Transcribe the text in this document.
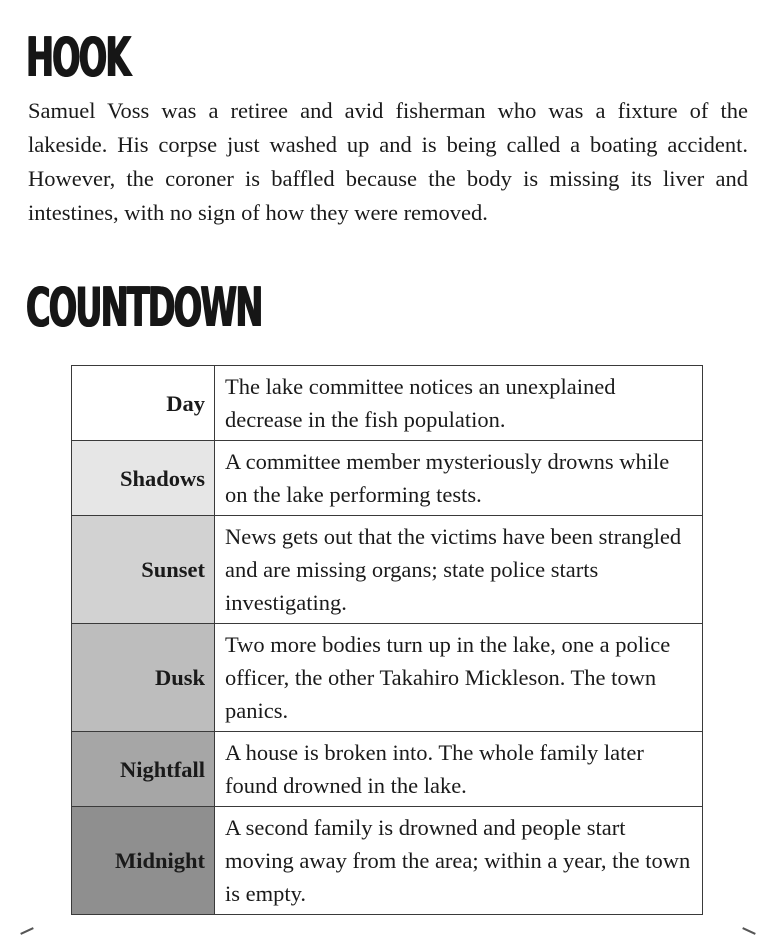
HOOK

Samuel Voss was a retiree and avid fisherman who was a fixture of the lakeside. His corpse just washed up and is being called a boating accident. However, the coroner is baffled because the body is missing its liver and intestines, with no sign of how they were removed.

COUNTDOWN
Day	The lake committee notices an unexplained decrease in the fish population.
Shadows	A committee member mysteriously drowns while on the lake performing tests.
Sunset	News gets out that the victims have been strangled and are missing organs; state police starts investigating.
Dusk	Two more bodies turn up in the lake, one a police officer, the other Takahiro Mickleson. The town panics.
Nightfall	A house is broken into. The whole family later found drowned in the lake.
Midnight	A second family is drowned and people start moving away from the area; within a year, the town is empty.
